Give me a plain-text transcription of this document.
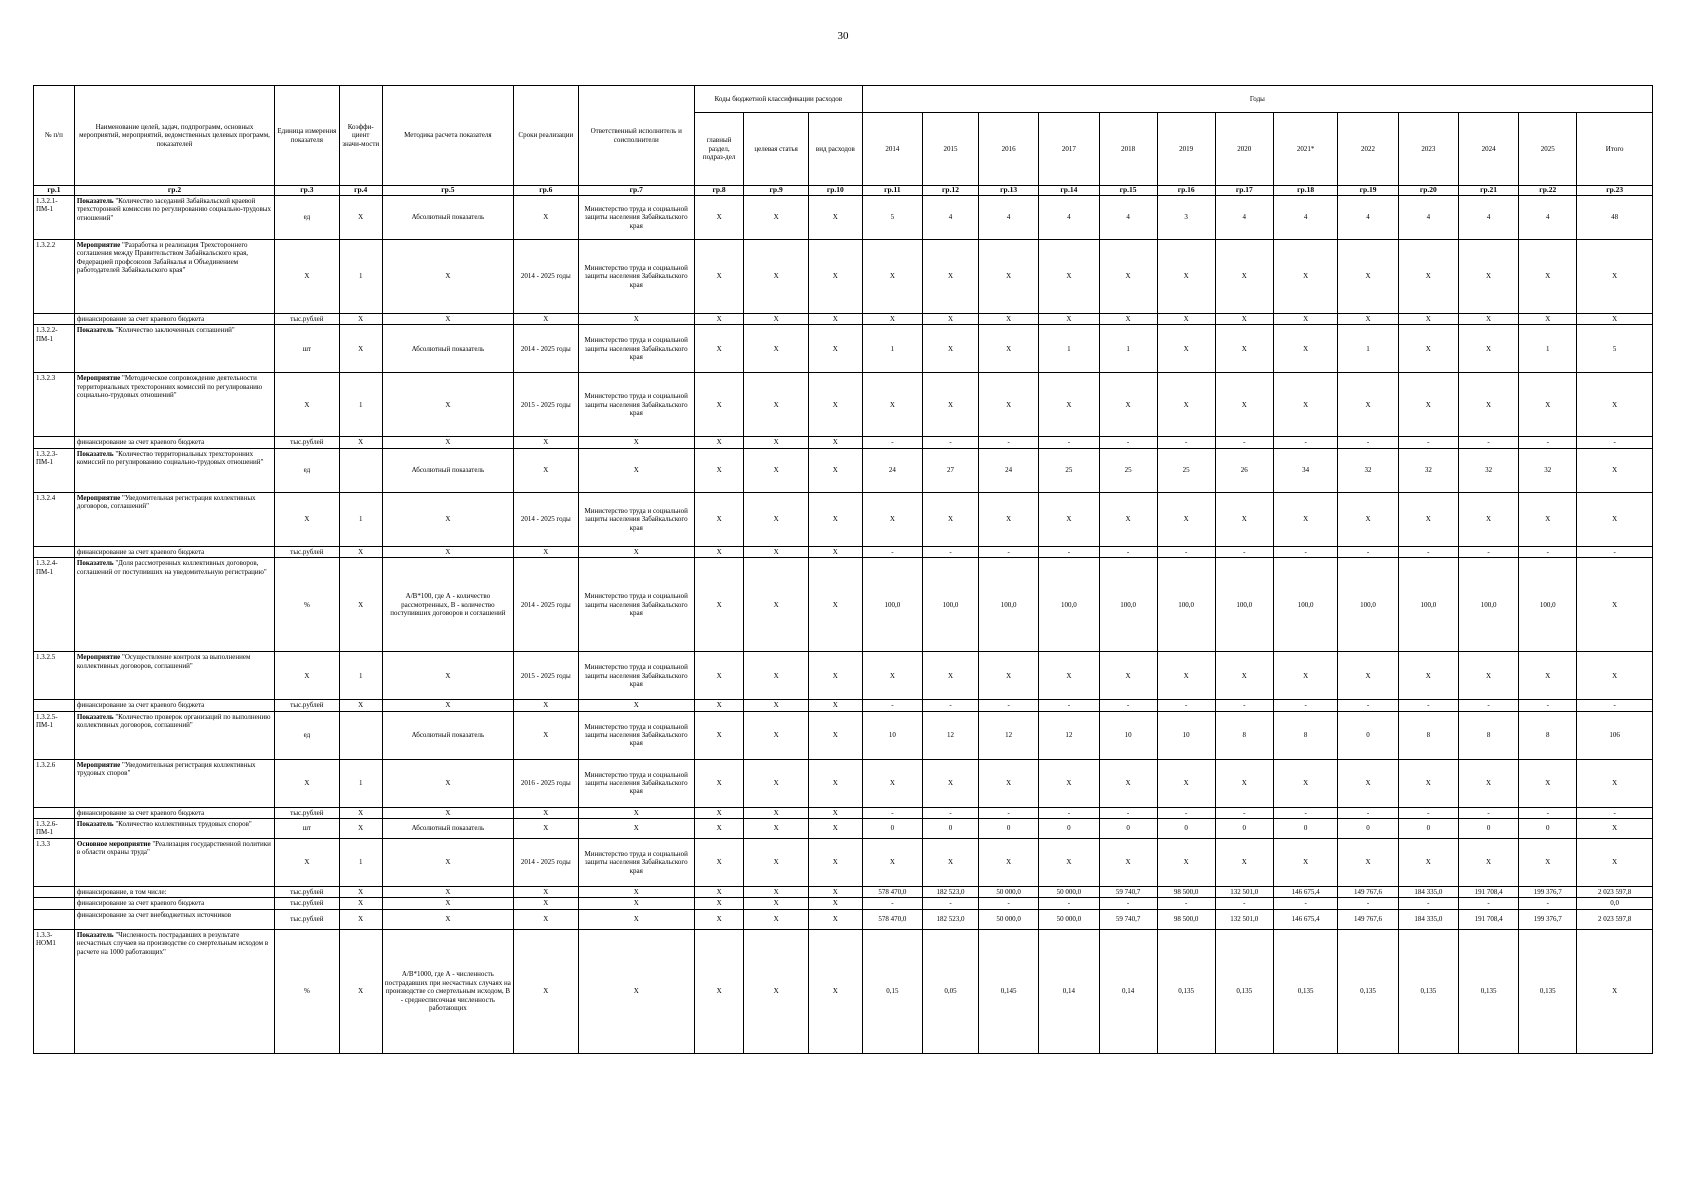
30
№ п/п	Наименование целей, задач, подпрограмм, основных мероприятий, мероприятий, ведомственных целевых программ, показателей	Единица измерения показателя	Коэффи-циент значи-мости	Методика расчета показателя	Сроки реализации	Ответственный исполнитель и соисполнители	Коды бюджетной классификации расходов			Годы												
							главный раздел, подраз-дел	целевая статья	вид расходов	2014	2015	2016	2017	2018	2019	2020	2021*	2022	2023	2024	2025	Итого
гр.1	гр.2	гр.3	гр.4	гр.5	гр.6	гр.7	гр.8	гр.9	гр.10	гр.11	гр.12	гр.13	гр.14	гр.15	гр.16	гр.17	гр.18	гр.19	гр.20	гр.21	гр.22	гр.23
1.3.2.1-ПМ-1	Показатель "Количество заседаний Забайкальской краевой трехсторонней комиссии по регулированию социально-трудовых отношений"	ед	X	Абсолютный показатель	X	Министерство труда и социальной защиты населения Забайкальского края	X	X	X	5	4	4	4	4	3	4	4	4	4	4	4	48
1.3.2.2	Мероприятие "Разработка и реализация Трехстороннего соглашения между Правительством Забайкальского края, Федерацией профсоюзов Забайкалья и Объединением работодателей Забайкальского края"	X	1	X	2014 - 2025 годы	Министерство труда и социальной защиты населения Забайкальского края	X	X	X	X	X	X	X	X	X	X	X	X	X	X	X	X
	финансирование за счет краевого бюджета	тыс.рублей	X	X	X	X	X	X	X	X	X	X	X	X	X	X	X	X	X	X	X	X
1.3.2.2-ПМ-1	Показатель "Количество заключенных соглашений"	шт	X	Абсолютный показатель	2014 - 2025 годы	Министерство труда и социальной защиты населения Забайкальского края	X	X	X	1	X	X	1	1	X	X	X	1	X	X	1	5
1.3.2.3	Мероприятие "Методическое сопровождение деятельности территориальных трехсторонних комиссий по регулированию социально-трудовых отношений"	X	1	X	2015 - 2025 годы	Министерство труда и социальной защиты населения Забайкальского края	X	X	X	X	X	X	X	X	X	X	X	X	X	X	X	X
	финансирование за счет краевого бюджета	тыс.рублей	X	X	X	X	X	X	X	-	-	-	-	-	-	-	-	-	-	-	-	-
1.3.2.3-ПМ-1	Показатель "Количество территориальных трехсторонних комиссий по регулированию социально-трудовых отношений"	ед		Абсолютный показатель	X	X	X	X	X	24	27	24	25	25	25	26	34	32	32	32	32	X
1.3.2.4	Мероприятие "Уведомительная регистрация коллективных договоров, соглашений"	X	1	X	2014 - 2025 годы	Министерство труда и социальной защиты населения Забайкальского края	X	X	X	X	X	X	X	X	X	X	X	X	X	X	X	X
	финансирование за счет краевого бюджета	тыс.рублей	X	X	X	X	X	X	X	-	-	-	-	-	-	-	-	-	-	-	-	-
1.3.2.4-ПМ-1	Показатель "Доля рассмотренных коллективных договоров, соглашений от поступивших на уведомительную регистрацию"	%	X	А/В*100, где А - количество рассмотренных, В - количество поступивших договоров и соглашений	2014 - 2025 годы	Министерство труда и социальной защиты населения Забайкальского края	X	X	X	100,0	100,0	100,0	100,0	100,0	100,0	100,0	100,0	100,0	100,0	100,0	100,0	X
1.3.2.5	Мероприятие "Осуществление контроля за выполнением коллективных договоров, соглашений"	X	1	X	2015 - 2025 годы	Министерство труда и социальной защиты населения Забайкальского края	X	X	X	X	X	X	X	X	X	X	X	X	X	X	X	X
	финансирование за счет краевого бюджета	тыс.рублей	X	X	X	X	X	X	X	-	-	-	-	-	-	-	-	-	-	-	-	-
1.3.2.5-ПМ-1	Показатель "Количество проверок организаций по выполнению коллективных договоров, соглашений"	ед		Абсолютный показатель	X	Министерство труда и социальной защиты населения Забайкальского края	X	X	X	10	12	12	12	10	10	8	8	0	8	8	8	106
1.3.2.6	Мероприятие "Уведомительная регистрация коллективных трудовых споров"	X	1	X	2016 - 2025 годы	Министерство труда и социальной защиты населения Забайкальского края	X	X	X	X	X	X	X	X	X	X	X	X	X	X	X	X
	финансирование за счет краевого бюджета	тыс.рублей	X	X	X	X	X	X	X	-	-	-	-	-	-	-	-	-	-	-	-	-
1.3.2.6-ПМ-1	Показатель "Количество коллективных трудовых споров"	шт	X	Абсолютный показатель	X	X	X	X	X	0	0	0	0	0	0	0	0	0	0	0	0	X
1.3.3	Основное мероприятие "Реализация государственной политики в области охраны труда"	X	1	X	2014 - 2025 годы	Министерство труда и социальной защиты населения Забайкальского края	X	X	X	X	X	X	X	X	X	X	X	X	X	X	X	X
	финансирование, в том числе:	тыс.рублей	X	X	X	X	X	X	X	578 470,0	182 523,0	50 000,0	50 000,0	59 740,7	98 500,0	132 501,0	146 675,4	149 767,6	184 335,0	191 708,4	199 376,7	2 023 597,8
	финансирование за счет краевого бюджета	тыс.рублей	X	X	X	X	X	X	X	-	-	-	-	-	-	-	-	-	-	-	-	0,0
	финансирование за счет внебюджетных источников	тыс.рублей	X	X	X	X	X	X	X	578 470,0	182 523,0	50 000,0	50 000,0	59 740,7	98 500,0	132 501,0	146 675,4	149 767,6	184 335,0	191 708,4	199 376,7	2 023 597,8
1.3.3-НОМ1	Показатель "Численность пострадавших в результате несчастных случаев на производстве со смертельным исходом в расчете на 1000 работающих"	%	X	А/В*1000, где А - численность пострадавших при несчастных случаях на производстве со смертельным исходом, В - среднесписочная численность работающих	X	X	X	X	X	0,15	0,05	0,145	0,14	0,14	0,135	0,135	0,135	0,135	0,135	0,135	0,135	X
